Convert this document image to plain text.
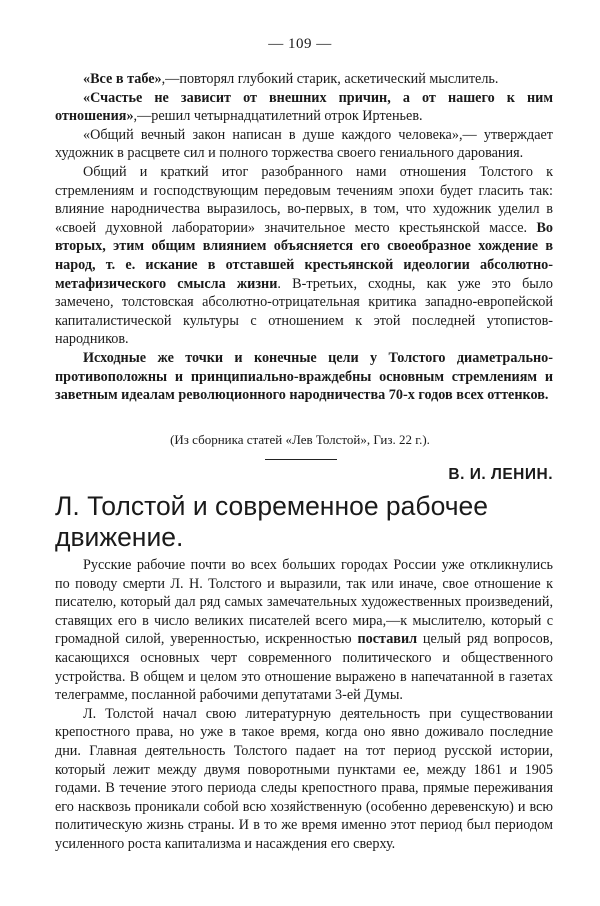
— 109 —

«Все в табе»,—повторял глубокий старик, аскетический мыслитель.

«Счастье не зависит от внешних причин, а от нашего к ним отношения»,—решил четырнадцатилетний отрок Иртеньев.

«Общий вечный закон написан в душе каждого человека»,— утверждает художник в расцвете сил и полного торжества своего гениального дарования.

Общий и краткий итог разобранного нами отношения Толстого к стремлениям и господствующим передовым течениям эпохи будет гласить так: влияние народничества выразилось, во-первых, в том, что художник уделил в «своей духовной лаборатории» значительное место крестьянской массе. Во вторых, этим общим влиянием объясняется его своеобразное хождение в народ, т. е. искание в отставшей крестьянской идеологии абсолютно-метафизического смысла жизни. В-третьих, сходны, как уже это было замечено, толстовская абсолютно-отрицательная критика западно-европейской капиталистической культуры с отношением к этой последней утопистов-народников.

Исходные же точки и конечные цели у Толстого диаметрально-противоположны и принципиально-враждебны основным стремлениям и заветным идеалам революционного народничества 70-х годов всех оттенков.

(Из сборника статей «Лев Толстой», Гиз. 22 г.).
В. И. ЛЕНИН.
Л. Толстой и современное рабочее движение.

Русские рабочие почти во всех больших городах России уже откликнулись по поводу смерти Л. Н. Толстого и выразили, так или иначе, свое отношение к писателю, который дал ряд самых замечательных художественных произведений, ставящих его в число великих писателей всего мира,—к мыслителю, который с громадной силой, уверенностью, искренностью поставил целый ряд вопросов, касающихся основных черт современного политического и общественного устройства. В общем и целом это отношение выражено в напечатанной в газетах телеграмме, посланной рабочими депутатами 3-ей Думы.

Л. Толстой начал свою литературную деятельность при существовании крепостного права, но уже в такое время, когда оно явно доживало последние дни. Главная деятельность Толстого падает на тот период русской истории, который лежит между двумя поворотными пунктами ее, между 1861 и 1905 годами. В течение этого периода следы крепостного права, прямые переживания его насквозь проникали собой всю хозяйственную (особенно деревенскую) и всю политическую жизнь страны. И в то же время именно этот период был периодом усиленного роста капитализма и насаждения его сверху.
